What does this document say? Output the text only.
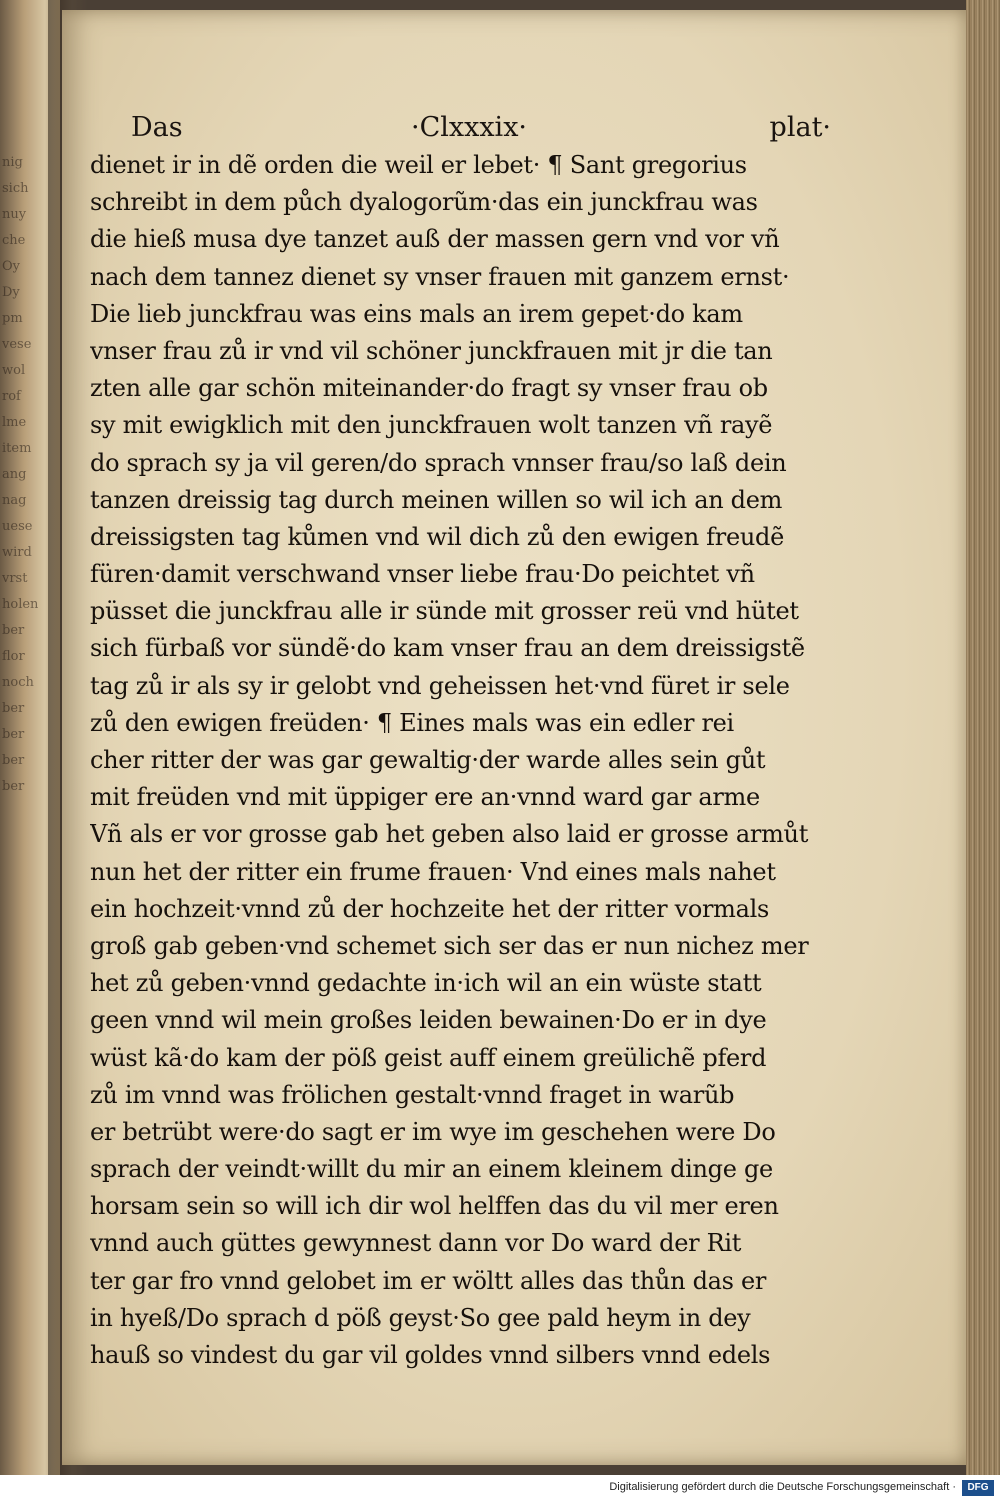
nig
sich
nuy
che
Oy
Dy
pm
vese
wol
rof
lme
item
ang
nag
uese
wird
vrst
holen
ber
flor
noch
ber
ber
ber
ber
Das	·Clxxxix·	plat·
dienet ir in dẽ orden die weil er lebet· ¶ Sant gregorius
schreibt in dem půch dyalogorũm·das ein junckfrau was
die hieß musa dye tanzet auß der massen gern vnd vor vñ
nach dem tannez dienet sy vnser frauen mit ganzem ernst·
Die lieb junckfrau was eins mals an irem gepet·do kam
vnser frau zů ir vnd vil schöner junckfrauen mit jr die tan
zten alle gar schön miteinander·do fragt sy vnser frau ob
sy mit ewigklich mit den junckfrauen wolt tanzen vñ rayẽ
do sprach sy ja vil geren/do sprach vnnser frau/so laß dein
tanzen dreissig tag durch meinen willen so wil ich an dem
dreissigsten tag kůmen vnd wil dich zů den ewigen freudẽ
füren·damit verschwand vnser liebe frau·Do peichtet vñ
püsset die junckfrau alle ir sünde mit grosser reü vnd hütet
sich fürbaß vor sündẽ·do kam vnser frau an dem dreissigstẽ
tag zů ir als sy ir gelobt vnd geheissen het·vnd füret ir sele
zů den ewigen freüden· ¶ Eines mals was ein edler rei
cher ritter der was gar gewaltig·der warde alles sein gůt
mit freüden vnd mit üppiger ere an·vnnd ward gar arme
Vñ als er vor grosse gab het geben also laid er grosse armůt
nun het der ritter ein frume frauen· Vnd eines mals nahet
ein hochzeit·vnnd zů der hochzeite het der ritter vormals
groß gab geben·vnd schemet sich ser das er nun nichez mer
het zů geben·vnnd gedachte in·ich wil an ein wüste statt
geen vnnd wil mein großes leiden bewainen·Do er in dye
wüst kã·do kam der pöß geist auff einem greülichẽ pferd
zů im vnnd was frölichen gestalt·vnnd fraget in warũb
er betrübt were·do sagt er im wye im geschehen were Do
sprach der veindt·willt du mir an einem kleinem dinge ge
horsam sein so will ich dir wol helffen das du vil mer eren
vnnd auch güttes gewynnest dann vor Do ward der Rit
ter gar fro vnnd gelobet im er wöltt alles das thůn das er
in hyeß/Do sprach d pöß geyst·So gee pald heym in dey
hauß so vindest du gar vil goldes vnnd silbers vnnd edels
Digitalisierung gefördert durch die Deutsche Forschungsgemeinschaft ·	DFG
